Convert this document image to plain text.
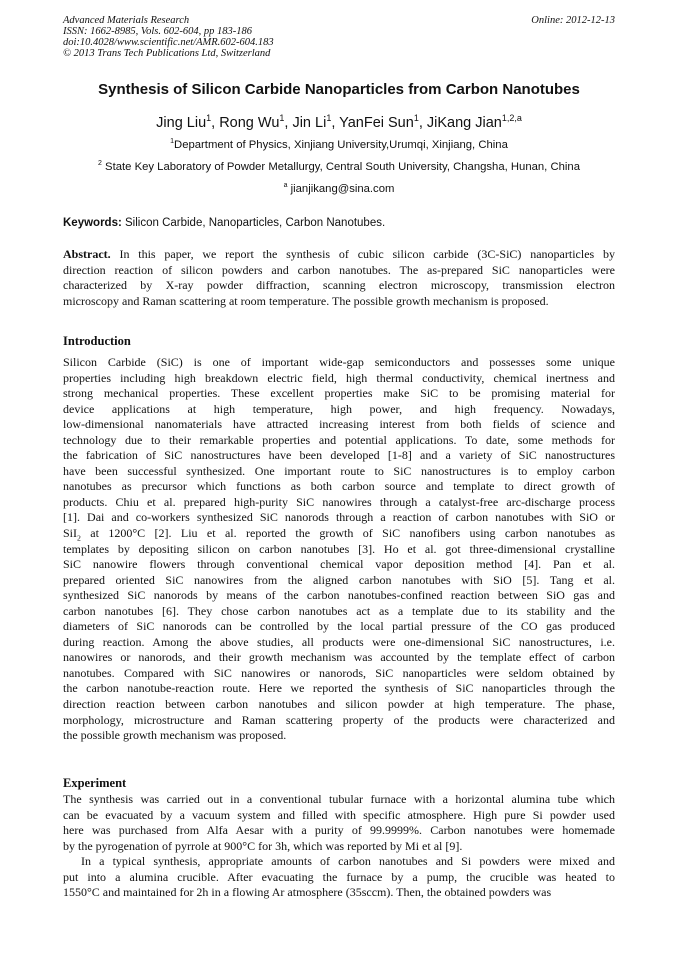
Advanced Materials Research
ISSN: 1662-8985, Vols. 602-604, pp 183-186
doi:10.4028/www.scientific.net/AMR.602-604.183
© 2013 Trans Tech Publications Ltd, Switzerland
Online: 2012-12-13
Synthesis of Silicon Carbide Nanoparticles from Carbon Nanotubes
Jing Liu$^1$, Rong Wu$^1$, Jin Li$^1$, YanFei Sun$^1$, JiKang Jian$^{1,2,a}$
$^1$Department of Physics, Xinjiang University,Urumqi, Xinjiang, China
$^2$ State Key Laboratory of Powder Metallurgy, Central South University, Changsha, Hunan, China
$^a$ jianjikang@sina.com
Keywords: Silicon Carbide, Nanoparticles, Carbon Nanotubes.
Abstract. In this paper, we report the synthesis of cubic silicon carbide (3C-SiC) nanoparticles by
direction reaction of silicon powders and carbon nanotubes. The as-prepared SiC nanoparticles were
characterized by X-ray powder diffraction, scanning electron microscopy, transmission electron
microscopy and Raman scattering at room temperature. The possible growth mechanism is proposed.
Introduction
Silicon Carbide (SiC) is one of important wide-gap semiconductors and possesses some unique
properties including high breakdown electric field, high thermal conductivity, chemical inertness and
strong mechanical properties. These excellent properties make SiC to be promising material for
device applications at high temperature, high power, and high frequency. Nowadays,
low-dimensional nanomaterials have attracted increasing interest from both fields of science and
technology due to their remarkable properties and potential applications. To date, some methods for
the fabrication of SiC nanostructures have been developed [1-8] and a variety of SiC nanostructures
have been successful synthesized. One important route to SiC nanostructures is to employ carbon
nanotubes as precursor which functions as both carbon source and template to direct growth of
products. Chiu et al. prepared high-purity SiC nanowires through a catalyst-free arc-discharge process
[1]. Dai and co-workers synthesized SiC nanorods through a reaction of carbon nanotubes with SiO or
SiI$_2$ at 1200°C [2]. Liu et al. reported the growth of SiC nanofibers using carbon nanotubes as
templates by depositing silicon on carbon nanotubes [3]. Ho et al. got three-dimensional crystalline
SiC nanowire flowers through conventional chemical vapor deposition method [4]. Pan et al.
prepared oriented SiC nanowires from the aligned carbon nanotubes with SiO [5]. Tang et al.
synthesized SiC nanorods by means of the carbon nanotubes-confined reaction between SiO gas and
carbon nanotubes [6]. They chose carbon nanotubes act as a template due to its stability and the
diameters of SiC nanorods can be controlled by the local partial pressure of the CO gas produced
during reaction. Among the above studies, all products were one-dimensional SiC nanostructures, i.e.
nanowires or nanorods, and their growth mechanism was accounted by the template effect of carbon
nanotubes. Compared with SiC nanowires or nanorods, SiC nanoparticles were seldom obtained by
the carbon nanotube-reaction route. Here we reported the synthesis of SiC nanoparticles through the
direction reaction between carbon nanotubes and silicon powder at high temperature. The phase,
morphology, microstructure and Raman scattering property of the products were characterized and
the possible growth mechanism was proposed.
Experiment
The synthesis was carried out in a conventional tubular furnace with a horizontal alumina tube which
can be evacuated by a vacuum system and filled with specific atmosphere. High pure Si powder used
here was purchased from Alfa Aesar with a purity of 99.9999%. Carbon nanotubes were homemade
by the pyrogenation of pyrrole at 900°C for 3h, which was reported by Mi et al [9].
In a typical synthesis, appropriate amounts of carbon nanotubes and Si powders were mixed and
put into a alumina crucible. After evacuating the furnace by a pump, the crucible was heated to
1550°C and maintained for 2h in a flowing Ar atmosphere (35sccm). Then, the obtained powders was
